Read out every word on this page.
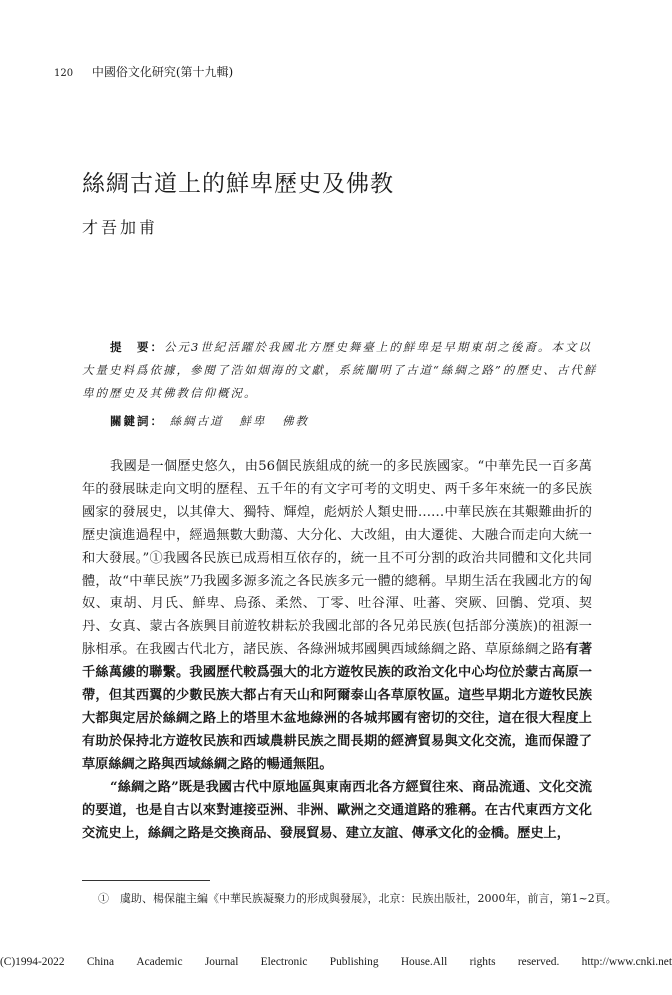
120 中國俗文化研究(第十九輯)
絲綢古道上的鮮卑歷史及佛教
才吾加甫
提　要：公元3世紀活躍於我國北方歷史舞臺上的鮮卑是早期東胡之後裔。本文以大量史料爲依據，參閱了浩如烟海的文獻，系統闡明了古道“絲綢之路”的歷史、古代鮮卑的歷史及其佛教信仰概況。
關鍵詞： 絲綢古道 鮮卑 佛教

我國是一個歷史悠久，由56個民族組成的統一的多民族國家。“中華先民一百多萬年的發展昧走向文明的歷程、五千年的有文字可考的文明史、两千多年來統一的多民族國家的發展史，以其偉大、獨特、輝煌，彪炳於人類史冊……中華民族在其艱難曲折的歷史演進過程中，經過無數大動蕩、大分化、大改組，由大遷徙、大融合而走向大統一和大發展。”①我國各民族已成焉相互依存的，統一且不可分割的政治共同體和文化共同體，故“中華民族”乃我國多源多流之各民族多元一體的總稱。早期生活在我國北方的匈奴、東胡、月氏、鮮卑、烏孫、柔然、丁零、吐谷渾、吐蕃、突厥、回鶻、党項、契丹、女真、蒙古各族興目前遊牧耕耘於我國北部的各兄弟民族(包括部分漢族)的祖源一脉相承。在我國古代北方，諸民族、各綠洲城邦國興西域絲綢之路、草原絲綢之路有著千絲萬縷的聯繫。我國歷代較爲强大的北方遊牧民族的政治文化中心均位於蒙古高原一帶，但其西翼的少數民族大都占有天山和阿爾泰山各草原牧區。這些早期北方遊牧民族大都與定居於絲綢之路上的塔里木盆地綠洲的各城邦國有密切的交往，這在很大程度上有助於保持北方遊牧民族和西域農耕民族之間長期的經濟貿易與文化交流，進而保證了草原絲綢之路與西域絲綢之路的暢通無阻。

“絲綢之路”既是我國古代中原地區與東南西北各方經貿往來、商品流通、文化交流的要道，也是自古以來對連接亞洲、非洲、歐洲之交通道路的雅稱。在古代東西方文化交流史上，絲綢之路是交換商品、發展貿易、建立友誼、傳承文化的金橋。歷史上，

①　虞助、楊保龍主編《中華民族凝聚力的形成與發展》，北京：民族出版社，2000年，前言，第1~2頁。
(C)1994-2022 China Academic Journal Electronic Publishing House.All rights reserved. http://www.cnki.net
